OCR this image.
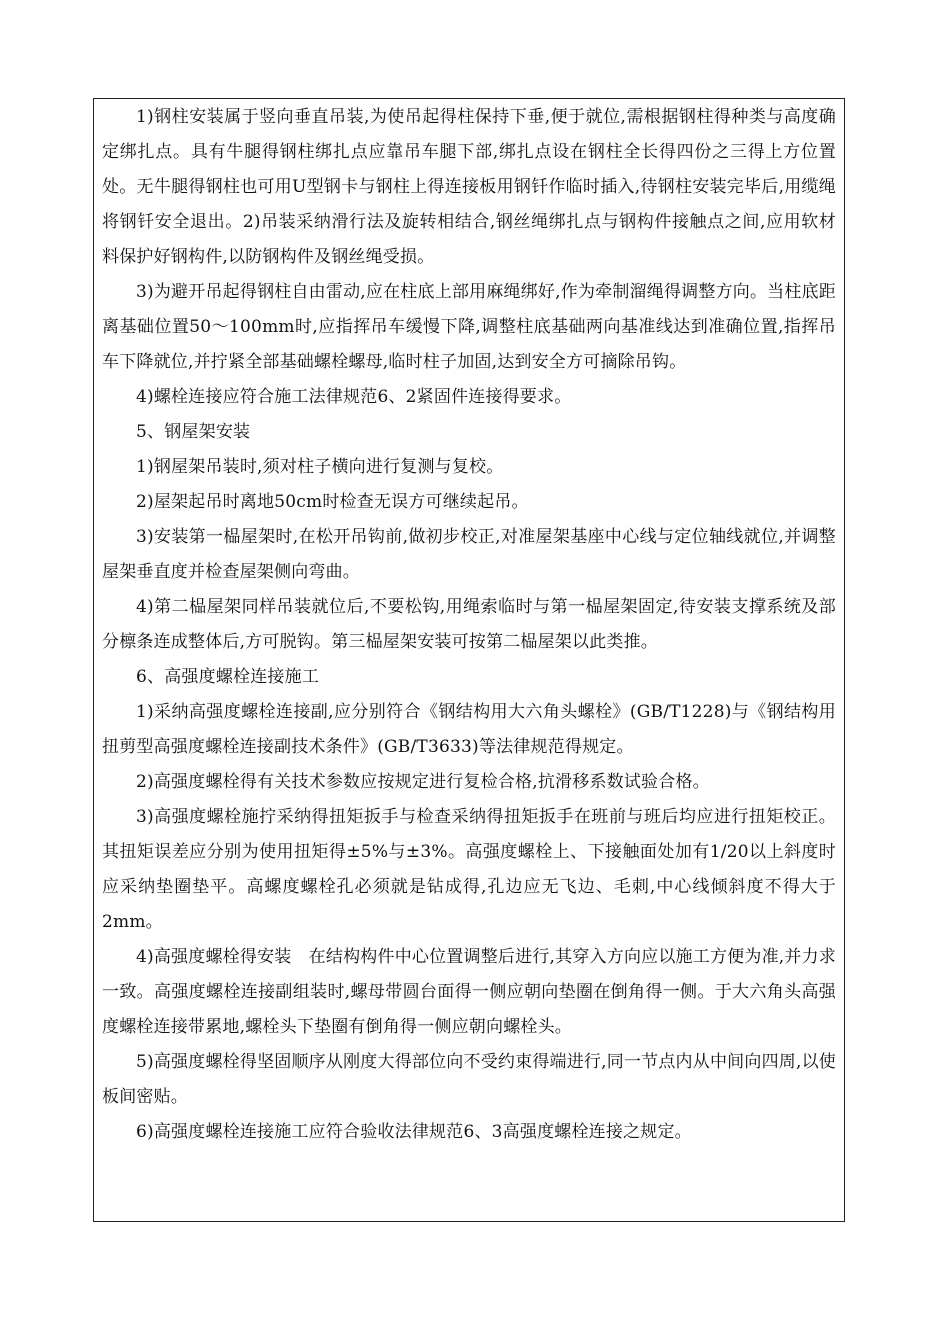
1)钢柱安装属于竖向垂直吊装,为使吊起得柱保持下垂,便于就位,需根据钢柱得种类与高度确定绑扎点。具有牛腿得钢柱绑扎点应靠吊车腿下部,绑扎点设在钢柱全长得四份之三得上方位置处。无牛腿得钢柱也可用U型钢卡与钢柱上得连接板用钢钎作临时插入,待钢柱安装完毕后,用缆绳将钢钎安全退出。2)吊装采纳滑行法及旋转相结合,钢丝绳绑扎点与钢构件接触点之间,应用软材料保护好钢构件,以防钢构件及钢丝绳受损。

3)为避开吊起得钢柱自由雷动,应在柱底上部用麻绳绑好,作为牵制溜绳得调整方向。当柱底距离基础位置50～100mm时,应指挥吊车缓慢下降,调整柱底基础两向基准线达到准确位置,指挥吊车下降就位,并拧紧全部基础螺栓螺母,临时柱子加固,达到安全方可摘除吊钩。

4)螺栓连接应符合施工法律规范6、2紧固件连接得要求。

5、钢屋架安装

1)钢屋架吊装时,须对柱子横向进行复测与复校。

2)屋架起吊时离地50cm时检查无误方可继续起吊。

3)安装第一榀屋架时,在松开吊钩前,做初步校正,对准屋架基座中心线与定位轴线就位,并调整屋架垂直度并检查屋架侧向弯曲。

4)第二榀屋架同样吊装就位后,不要松钩,用绳索临时与第一榀屋架固定,待安装支撑系统及部分檩条连成整体后,方可脱钩。第三榀屋架安装可按第二榀屋架以此类推。

6、高强度螺栓连接施工

1)采纳高强度螺栓连接副,应分别符合《钢结构用大六角头螺栓》(GB/T1228)与《钢结构用扭剪型高强度螺栓连接副技术条件》(GB/T3633)等法律规范得规定。

2)高强度螺栓得有关技术参数应按规定进行复检合格,抗滑移系数试验合格。

3)高强度螺栓施拧采纳得扭矩扳手与检查采纳得扭矩扳手在班前与班后均应进行扭矩校正。其扭矩误差应分别为使用扭矩得±5%与±3%。高强度螺栓上、下接触面处加有1/20以上斜度时应采纳垫圈垫平。高螺度螺栓孔必须就是钻成得,孔边应无飞边、毛刺,中心线倾斜度不得大于2mm。

4)高强度螺栓得安装　在结构构件中心位置调整后进行,其穿入方向应以施工方便为准,并力求一致。高强度螺栓连接副组装时,螺母带圆台面得一侧应朝向垫圈在倒角得一侧。于大六角头高强度螺栓连接带累地,螺栓头下垫圈有倒角得一侧应朝向螺栓头。

5)高强度螺栓得坚固顺序从刚度大得部位向不受约束得端进行,同一节点内从中间向四周,以使板间密贴。

6)高强度螺栓连接施工应符合验收法律规范6、3高强度螺栓连接之规定。
